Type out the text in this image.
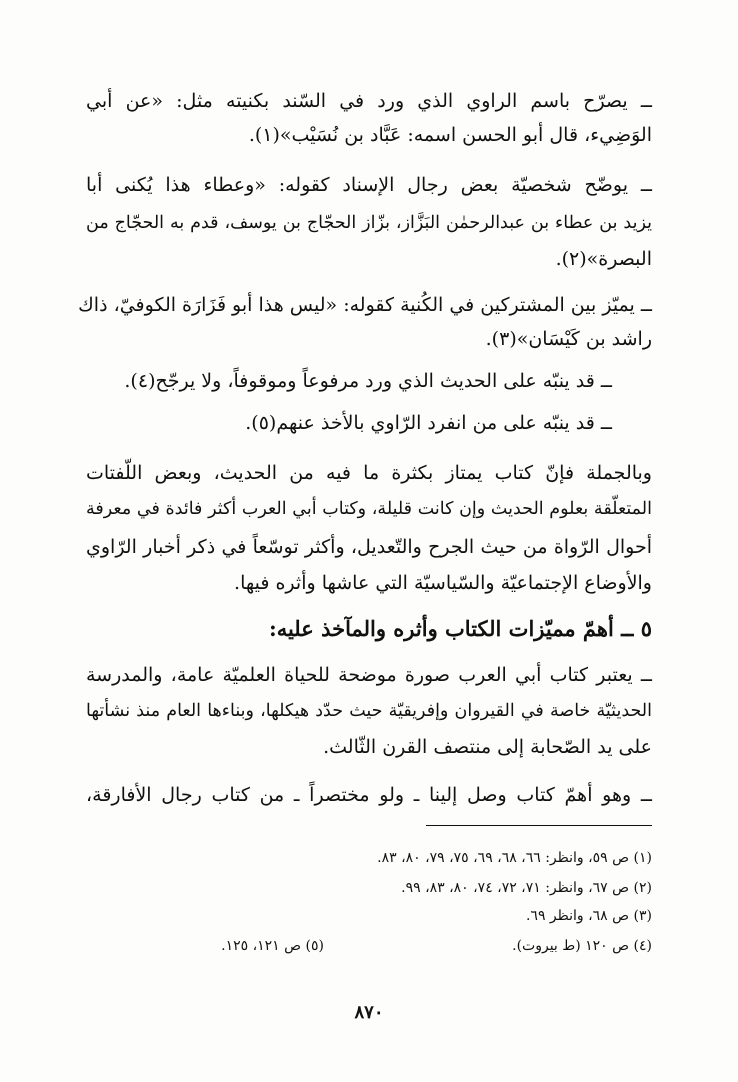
ــ يصرّح باسم الراوي الذي ورد في السّند بكنيته مثل: «عن أبي
الوَضِيء، قال أبو الحسن اسمه: عَبَّاد بن نُسَيْب»(١).
ــ يوضّح شخصيّة بعض رجال الإسناد كقوله: «وعطاء هذا يُكنى أبا
يزيد بن عطاء بن عبدالرحمٰن البَزَّاز، بزّاز الحجّاج بن يوسف، قدم به الحجّاج من
البصرة»(٢).
ــ يميّز بين المشتركين في الكُنية كقوله: «ليس هذا أبو فَزَارَة الكوفيّ، ذاك
راشد بن كَيْسَان»(٣).
ــ قد ينبّه على الحديث الذي ورد مرفوعاً وموقوفاً، ولا يرجّح(٤).
ــ قد ينبّه على من انفرد الرّاوي بالأخذ عنهم(٥).
وبالجملة فإنّ كتاب يمتاز بكثرة ما فيه من الحديث، وبعض اللّفتات
المتعلّقة بعلوم الحديث وإن كانت قليلة، وكتاب أبي العرب أكثر فائدة في معرفة
أحوال الرّواة من حيث الجرح والتّعديل، وأكثر توسّعاً في ذكر أخبار الرّاوي
والأوضاع الإجتماعيّة والسّياسيّة التي عاشها وأثره فيها.
٥ ــ أهمّ مميّزات الكتاب وأثره والمآخذ عليه:
ــ يعتبر كتاب أبي العرب صورة موضحة للحياة العلميّة عامة، والمدرسة
الحديثيّة خاصة في القيروان وإفريقيّة حيث حدّد هيكلها، وبناءها العام منذ نشأتها
على يد الصّحابة إلى منتصف القرن الثّالث.
ــ وهو أهمّ كتاب وصل إلينا ـ ولو مختصراً ـ من كتاب رجال الأفارقة،
(١) ص ٥٩، وانظر: ٦٦، ٦٨، ٦٩، ٧٥، ٧٩، ٨٠، ٨٣.
(٢) ص ٦٧، وانظر: ٧١، ٧٢، ٧٤، ٨٠، ٨٣، ٩٩.
(٣) ص ٦٨، وانظر ٦٩.
(٤) ص ١٢٠ (ط بيروت).
(٥) ص ١٢١، ١٢٥.
٨٧٠
